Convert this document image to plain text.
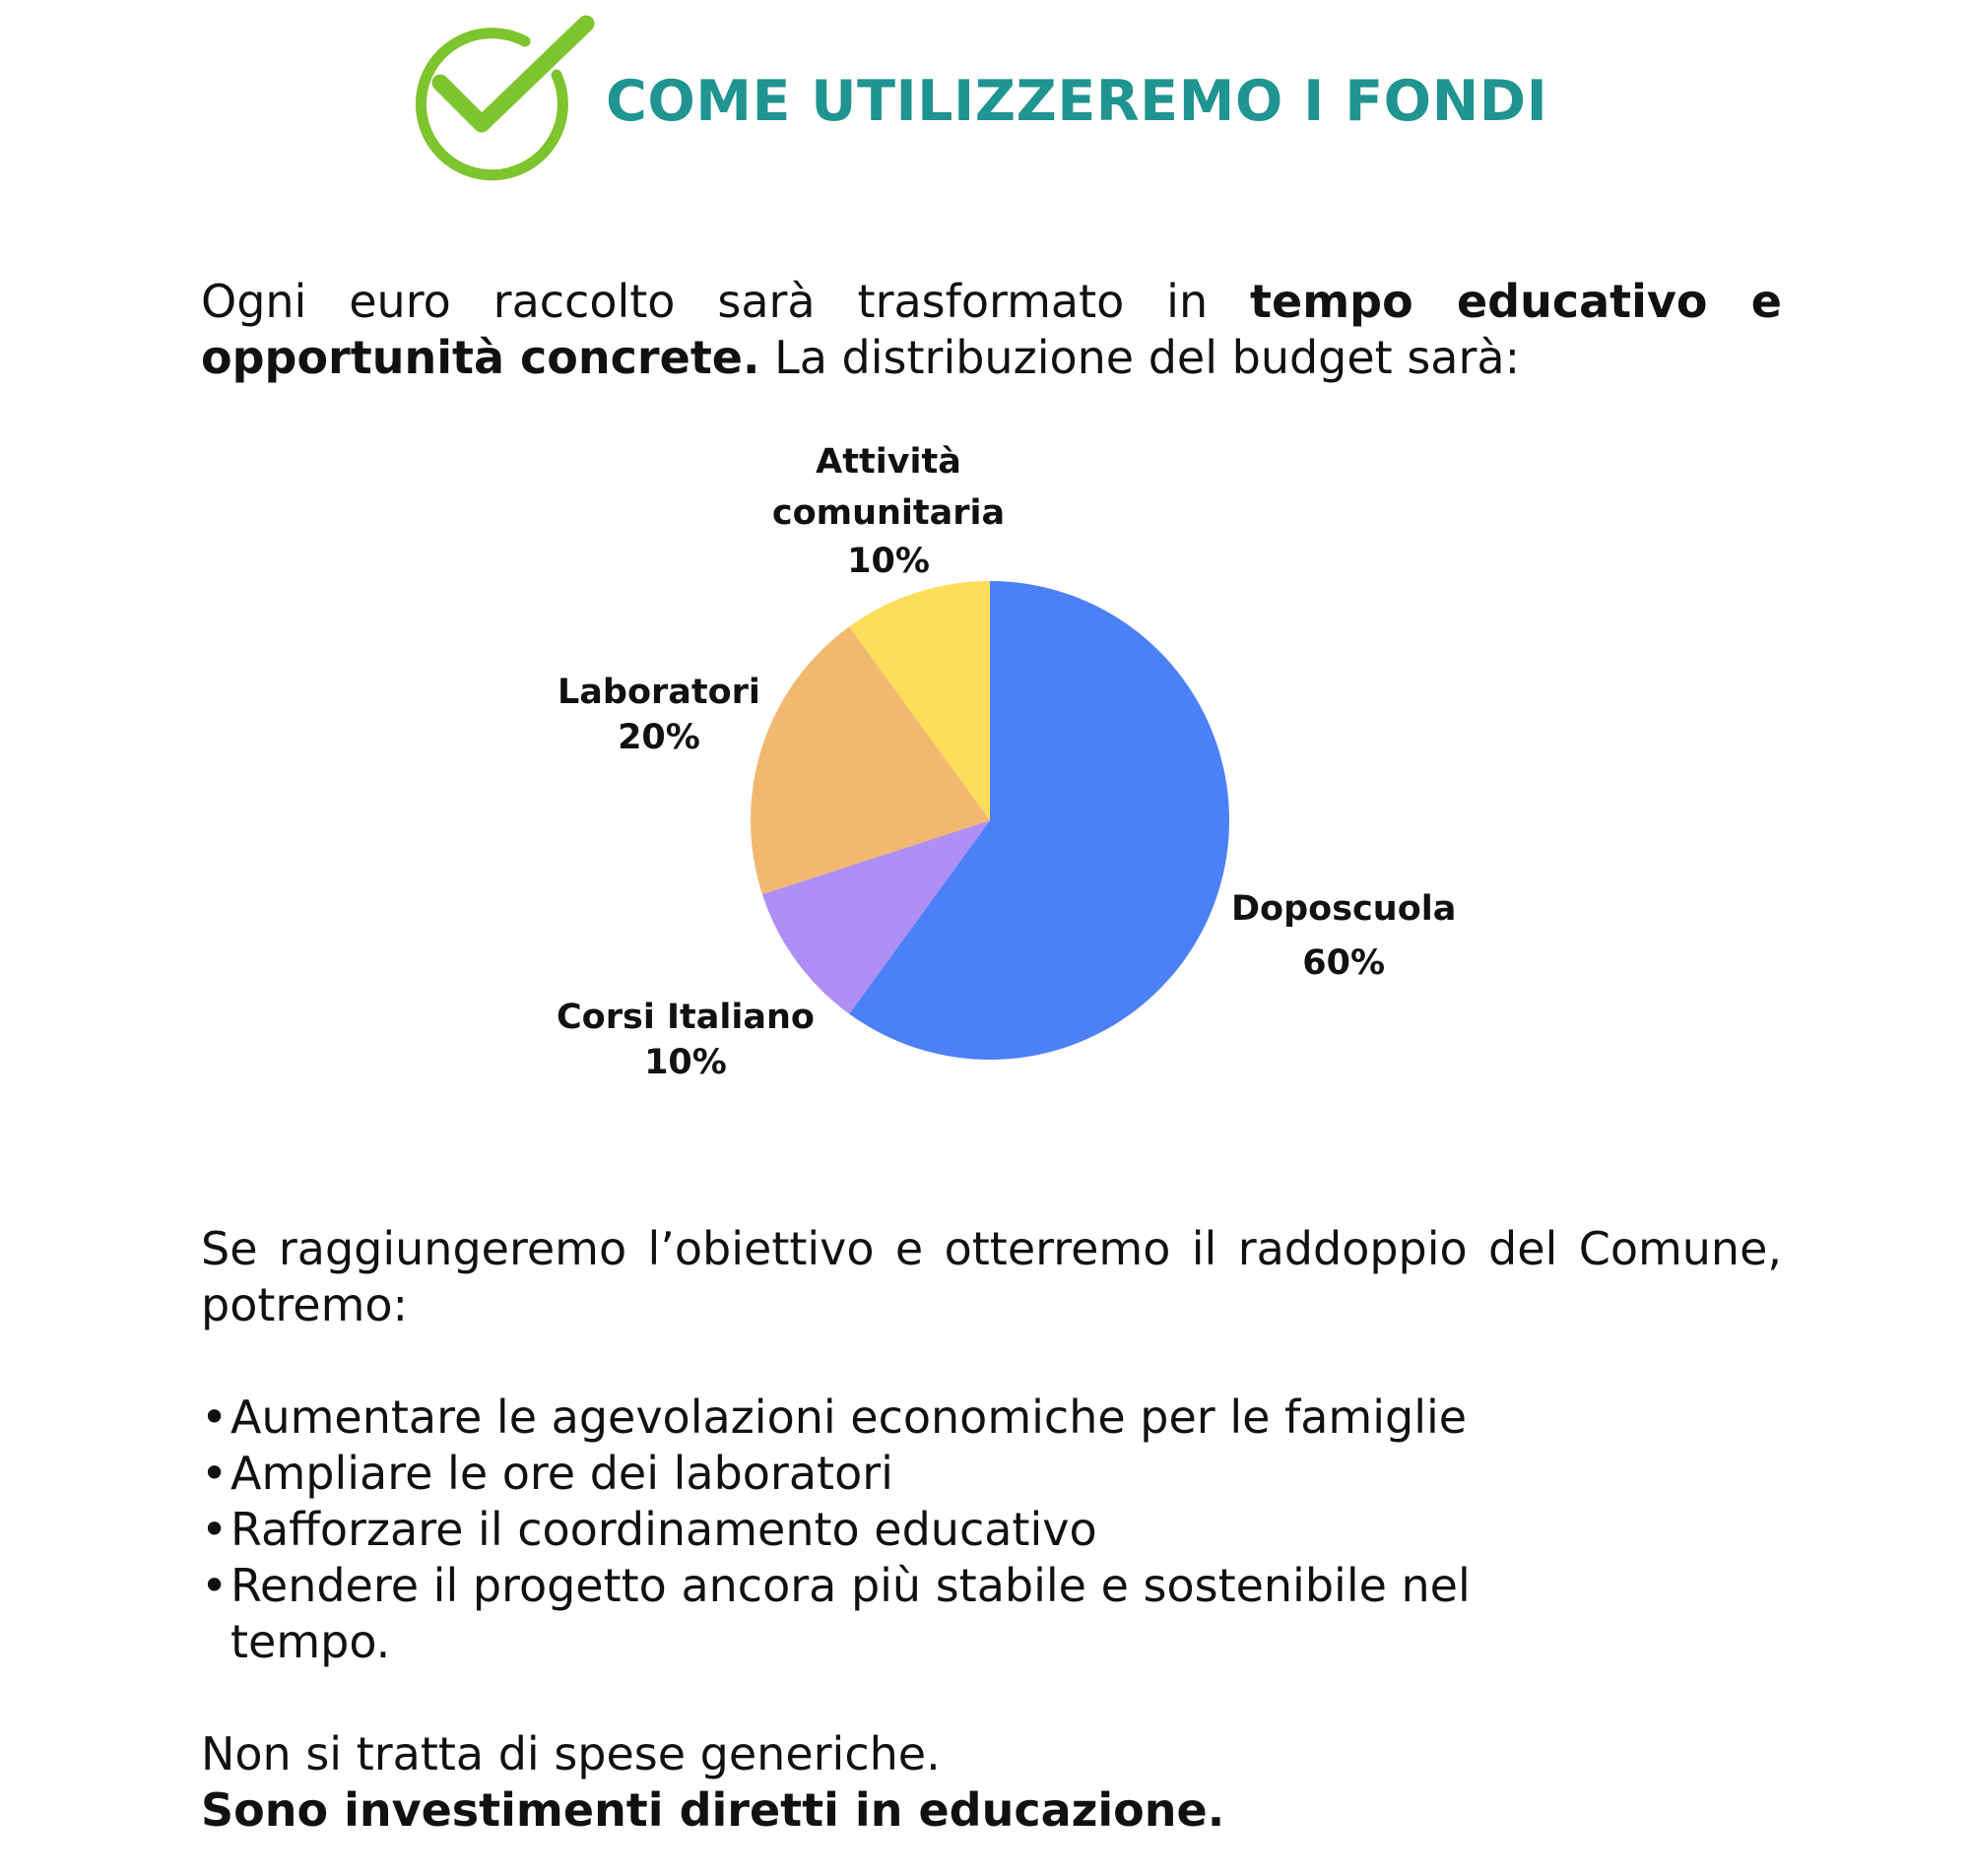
COME UTILIZZEREMO I FONDI

Ogni euro raccolto sarà trasformato in tempo educativo e opportunità concrete. La distribuzione del budget sarà:

Doposcuola
60%
Corsi Italiano
10%
Laboratori
20%
Attività comunitaria
10%

Se raggiungeremo l’obiettivo e otterremo il raddoppio del Comune, potremo:

• Aumentare le agevolazioni economiche per le famiglie
• Ampliare le ore dei laboratori
• Rafforzare il coordinamento educativo
• Rendere il progetto ancora più stabile e sostenibile nel tempo.
Non si tratta di spese generiche.
Sono investimenti diretti in educazione.
